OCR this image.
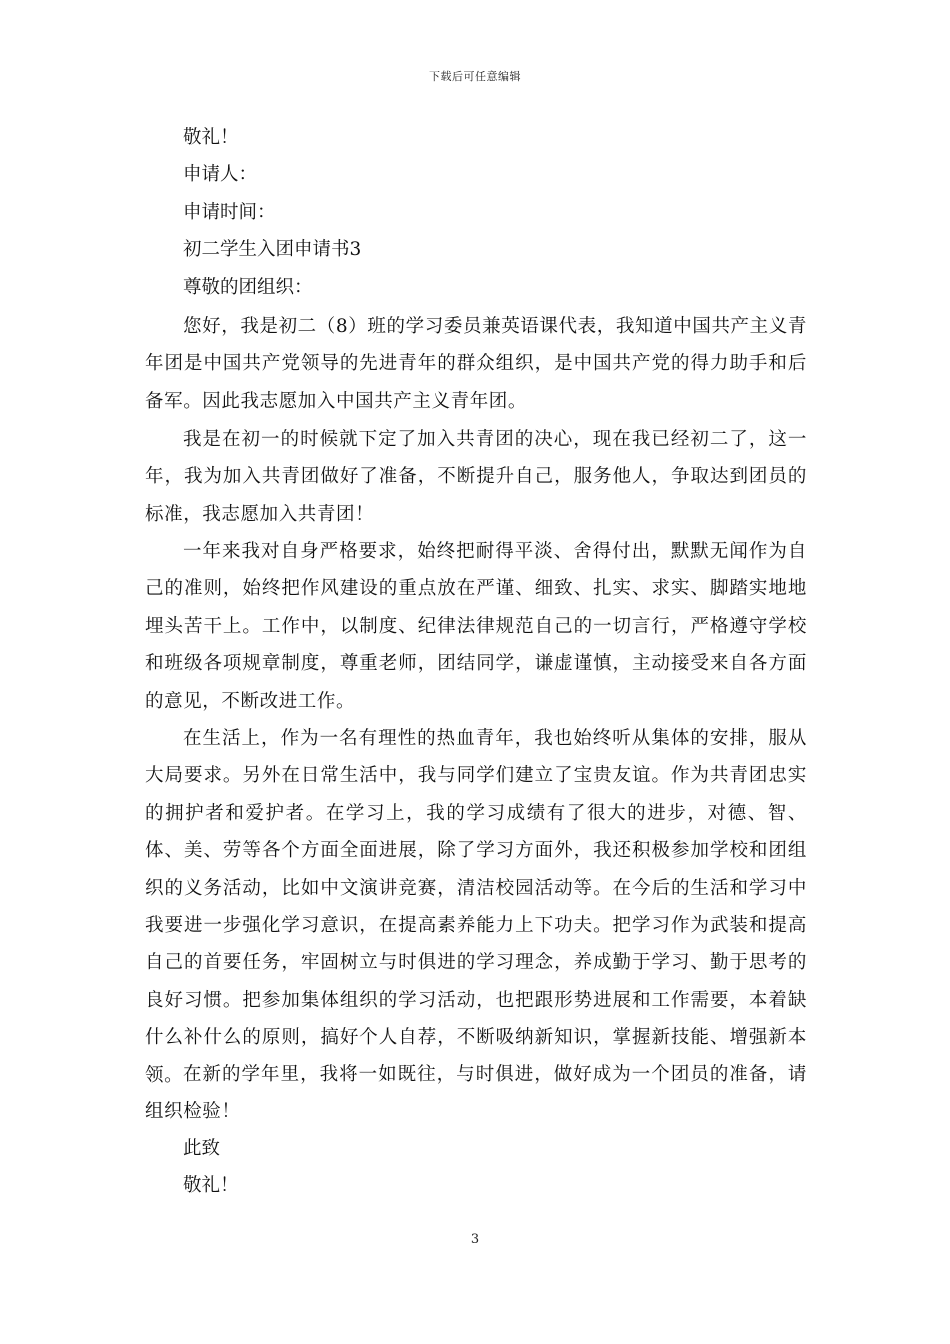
下载后可任意编辑
敬礼！
申请人：
申请时间：
初二学生入团申请书3
尊敬的团组织：
您好，我是初二（8）班的学习委员兼英语课代表，我知道中国共产主义青年团是中国共产党领导的先进青年的群众组织，是中国共产党的得力助手和后备军。因此我志愿加入中国共产主义青年团。
我是在初一的时候就下定了加入共青团的决心，现在我已经初二了，这一年，我为加入共青团做好了准备，不断提升自己，服务他人，争取达到团员的标准，我志愿加入共青团！
一年来我对自身严格要求，始终把耐得平淡、舍得付出，默默无闻作为自己的准则，始终把作风建设的重点放在严谨、细致、扎实、求实、脚踏实地地埋头苦干上。工作中，以制度、纪律法律规范自己的一切言行，严格遵守学校和班级各项规章制度，尊重老师，团结同学，谦虚谨慎，主动接受来自各方面的意见，不断改进工作。
在生活上，作为一名有理性的热血青年，我也始终听从集体的安排，服从大局要求。另外在日常生活中，我与同学们建立了宝贵友谊。作为共青团忠实的拥护者和爱护者。在学习上，我的学习成绩有了很大的进步，对德、智、体、美、劳等各个方面全面进展，除了学习方面外，我还积极参加学校和团组织的义务活动，比如中文演讲竞赛，清洁校园活动等。在今后的生活和学习中我要进一步强化学习意识，在提高素养能力上下功夫。把学习作为武装和提高自己的首要任务，牢固树立与时俱进的学习理念，养成勤于学习、勤于思考的良好习惯。把参加集体组织的学习活动，也把跟形势进展和工作需要，本着缺什么补什么的原则，搞好个人自荐，不断吸纳新知识，掌握新技能、增强新本领。 在新的学年里，我将一如既往，与时俱进，做好成为一个团员的准备，请组织检验！
此致
敬礼！
3
